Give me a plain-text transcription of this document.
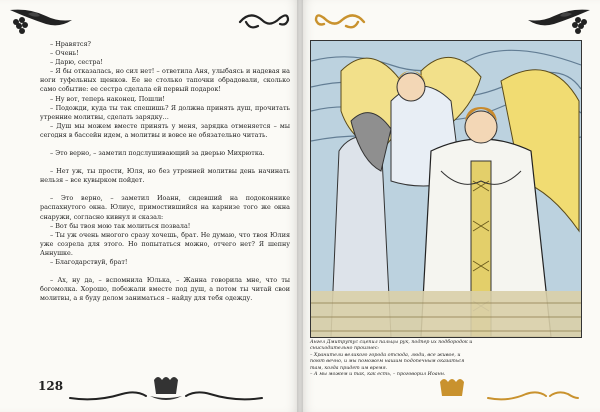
– Нравятся?

– Очень!

– Дарю, сестра!

– Я бы отказалась, но сил нет! – ответила Аня, улыбаясь и надевая на ноги туфельных щенков. Ее не столько тапочки обрадовали, сколько само событие: ее сестра сделала ей первый подарок!

– Ну вот, теперь наконец. Пошли!

– Подожди, куда ты так спешишь? Я должна принять душ, прочитать утренние молитвы, сделать зарядку…

– Душ мы можем вместе принять у меня, зарядка отменяется – мы сегодня в бассейн идем, а молитвы и вовсе не обязательно читать.

– Это верно, – заметил подслушивающий за дверью Михрютка.

– Нет уж, ты прости, Юля, но без утренней молитвы день начинать нельзя – все кувырком пойдет.

– Это верно, – заметил Иоанн, сидевший на подоконнике распахнутого окна. Юлиус, примостившийся на карнизе того же окна снаружи, согласно кивнул и сказал:

– Вот бы твоя мою так молиться позвала!

– Ты уж очень многого сразу хочешь, брат. Не думаю, что твоя Юлия уже созрела для этого. Но попытаться можно, отчего нет? Я шепну Аннушке.

– Благодарствуй, брат!

– Ах, ну да, – вспомнила Юлька, – Жанна говорила мне, что ты богомолка. Хорошо, побежали вместе под душ, а потом ты читай свои молитвы, а я буду делом заниматься – найду для тебя одежду.

128

Ангел Дмитрутус сцепил пальцы рук, подпер их подбородок и снисходительно произнес:

– Хранители великого города отсюда, люди, все живое, и поют вечно, и мы поможем нашим подопечным оказаться там, когда придет им время.

– А мы можем и так, как есть, – проговорил Иоанн.
